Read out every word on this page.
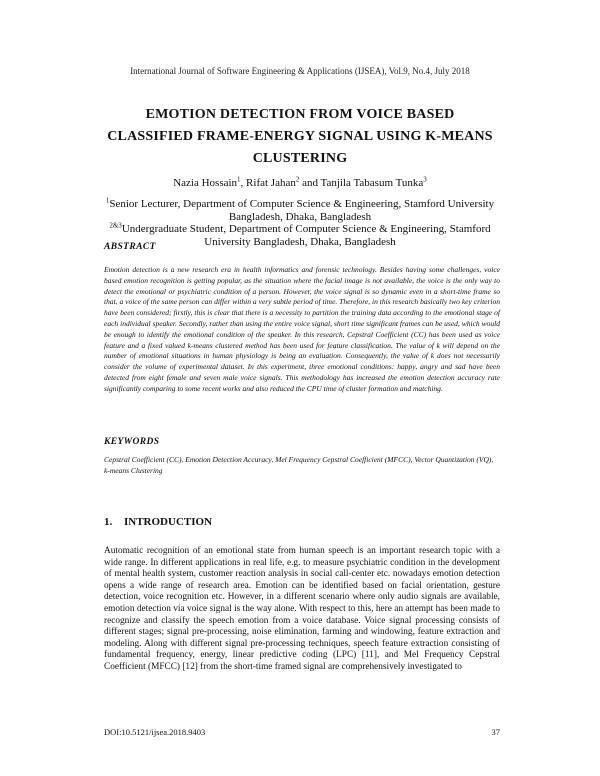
International Journal of Software Engineering & Applications (IJSEA), Vol.9, No.4, July 2018
EMOTION DETECTION FROM VOICE BASED
CLASSIFIED FRAME-ENERGY SIGNAL USING K-MEANS
CLUSTERING
Nazia Hossain$^1$, Rifat Jahan$^2$ and Tanjila Tabasum Tunka$^3$
$^1$Senior Lecturer, Department of Computer Science & Engineering, Stamford University Bangladesh, Dhaka, Bangladesh
$^{2\&3}$Undergraduate Student, Department of Computer Science & Engineering, Stamford University Bangladesh, Dhaka, Bangladesh
ABSTRACT
Emotion detection is a new research era in health informatics and forensic technology. Besides having some challenges, voice based emotion recognition is getting popular, as the situation where the facial image is not available, the voice is the only way to detect the emotional or psychiatric condition of a person. However, the voice signal is so dynamic even in a short-time frame so that, a voice of the same person can differ within a very subtle period of time. Therefore, in this research basically two key criterion have been considered; firstly, this is clear that there is a necessity to partition the training data according to the emotional stage of each individual speaker. Secondly, rather than using the entire voice signal, short time significant frames can be used, which would be enough to identify the emotional condition of the speaker. In this research, Cepstral Coefficient (CC) has been used as voice feature and a fixed valued k-means clustered method has been used for feature classification. The value of k will depend on the number of emotional situations in human physiology is being an evaluation. Consequently, the value of k does not necessarily consider the volume of experimental dataset. In this experiment, three emotional conditions: happy, angry and sad have been detected from eight female and seven male voice signals. This methodology has increased the emotion detection accuracy rate significantly comparing to some recent works and also reduced the CPU time of cluster formation and matching.
KEYWORDS
Cepstral Coefficient (CC), Emotion Detection Accuracy, Mel Frequency Cepstral Coefficient (MFCC), Vector Quantization (VQ), k-means Clustering
1. INTRODUCTION
Automatic recognition of an emotional state from human speech is an important research topic with a wide range. In different applications in real life, e.g. to measure psychiatric condition in the development of mental health system, customer reaction analysis in social call-center etc. nowadays emotion detection opens a wide range of research area. Emotion can be identified based on facial orientation, gesture detection, voice recognition etc. However, in a different scenario where only audio signals are available, emotion detection via voice signal is the way alone. With respect to this, here an attempt has been made to recognize and classify the speech emotion from a voice database. Voice signal processing consists of different stages; signal pre-processing, noise elimination, farming and windowing, feature extraction and modeling. Along with different signal pre-processing techniques, speech feature extraction consisting of fundamental frequency, energy, linear predictive coding (LPC) [11], and Mel Frequency Cepstral Coefficient (MFCC) [12] from the short-time framed signal are comprehensively investigated to
DOI:10.5121/ijsea.2018.9403	37
